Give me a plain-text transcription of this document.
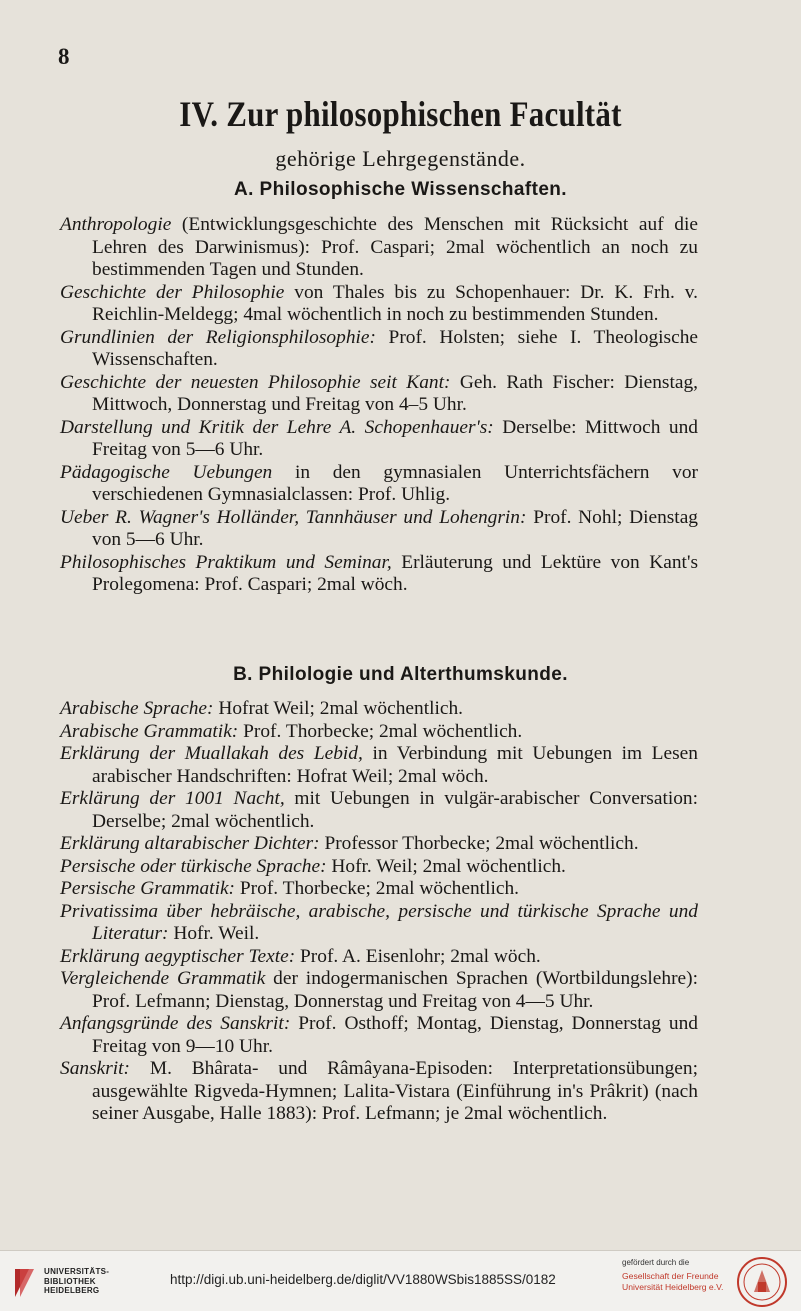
8
IV. Zur philosophischen Facultät
gehörige Lehrgegenstände.
A. Philosophische Wissenschaften.

Anthropologie (Entwicklungsgeschichte des Menschen mit Rücksicht auf die Lehren des Darwinismus): Prof. Caspari; 2mal wöchentlich an noch zu bestimmenden Tagen und Stunden.

Geschichte der Philosophie von Thales bis zu Schopenhauer: Dr. K. Frh. v. Reichlin-Meldegg; 4mal wöchentlich in noch zu bestimmenden Stunden.

Grundlinien der Religionsphilosophie: Prof. Holsten; siehe I. Theologische Wissenschaften.

Geschichte der neuesten Philosophie seit Kant: Geh. Rath Fischer: Dienstag, Mittwoch, Donnerstag und Freitag von 4–5 Uhr.

Darstellung und Kritik der Lehre A. Schopenhauer's: Derselbe: Mittwoch und Freitag von 5—6 Uhr.

Pädagogische Uebungen in den gymnasialen Unterrichtsfächern vor verschiedenen Gymnasialclassen: Prof. Uhlig.

Ueber R. Wagner's Holländer, Tannhäuser und Lohengrin: Prof. Nohl; Dienstag von 5—6 Uhr.

Philosophisches Praktikum und Seminar, Erläuterung und Lektüre von Kant's Prolegomena: Prof. Caspari; 2mal wöch.

B. Philologie und Alterthumskunde.

Arabische Sprache: Hofrat Weil; 2mal wöchentlich.

Arabische Grammatik: Prof. Thorbecke; 2mal wöchentlich.

Erklärung der Muallakah des Lebid, in Verbindung mit Uebungen im Lesen arabischer Handschriften: Hofrat Weil; 2mal wöch.

Erklärung der 1001 Nacht, mit Uebungen in vulgär-arabischer Conversation: Derselbe; 2mal wöchentlich.

Erklärung altarabischer Dichter: Professor Thorbecke; 2mal wöchentlich.

Persische oder türkische Sprache: Hofr. Weil; 2mal wöchentlich.

Persische Grammatik: Prof. Thorbecke; 2mal wöchentlich.

Privatissima über hebräische, arabische, persische und türkische Sprache und Literatur: Hofr. Weil.

Erklärung aegyptischer Texte: Prof. A. Eisenlohr; 2mal wöch.

Vergleichende Grammatik der indogermanischen Sprachen (Wortbildungslehre): Prof. Lefmann; Dienstag, Donnerstag und Freitag von 4—5 Uhr.

Anfangsgründe des Sanskrit: Prof. Osthoff; Montag, Dienstag, Donnerstag und Freitag von 9—10 Uhr.

Sanskrit: M. Bhârata- und Râmâyana-Episoden: Interpretationsübungen; ausgewählte Rigveda-Hymnen; Lalita-Vistara (Einführung in's Prâkrit) (nach seiner Ausgabe, Halle 1883): Prof. Lefmann; je 2mal wöchentlich.

UNIVERSITÄTS-
BIBLIOTHEK
HEIDELBERG
http://digi.ub.uni-heidelberg.de/diglit/VV1880WSbis1885SS/0182
gefördert durch die
Gesellschaft der Freunde
Universität Heidelberg e.V.
